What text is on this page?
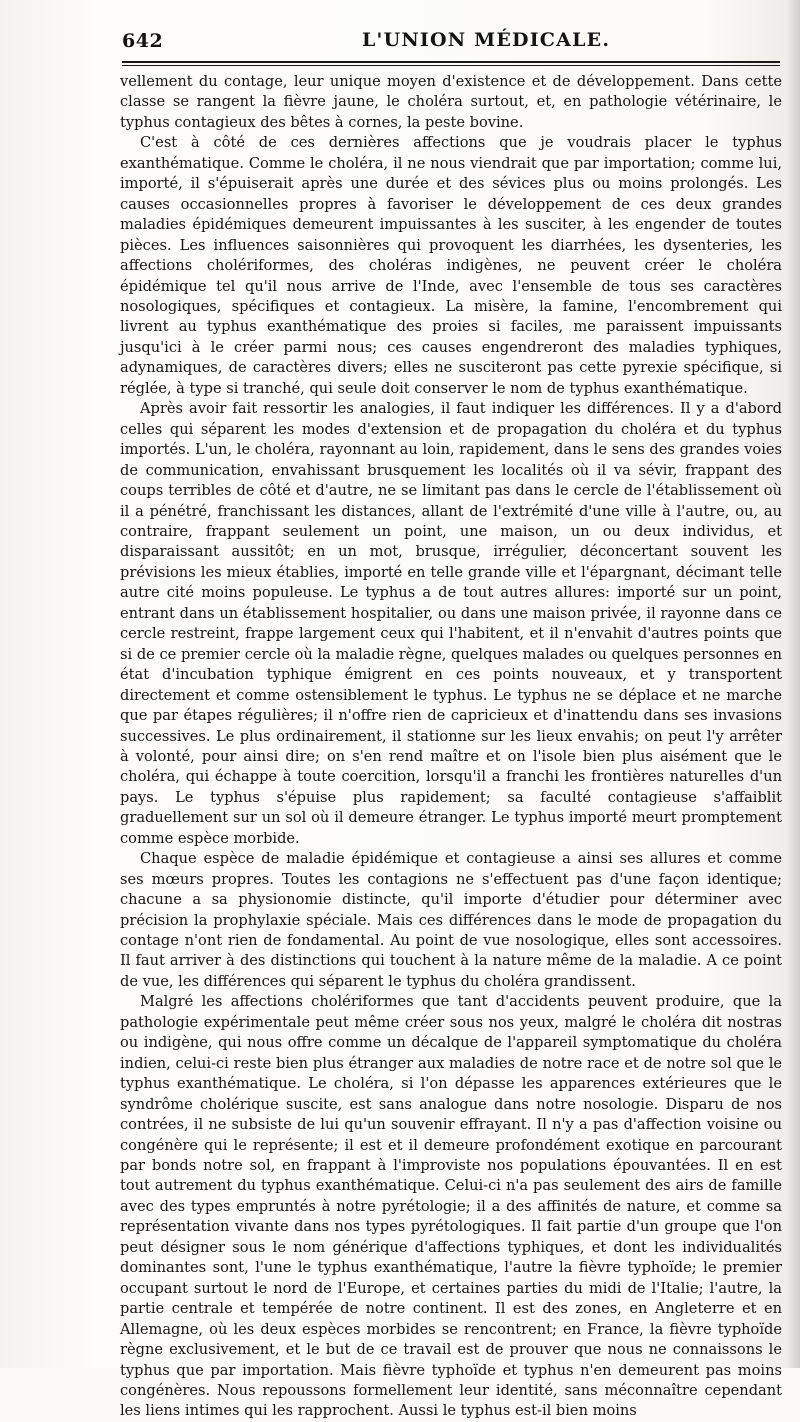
642	L'UNION MÉDICALE.

vellement du contage, leur unique moyen d'existence et de développement. Dans cette classe se rangent la fièvre jaune, le choléra surtout, et, en pathologie vétérinaire, le typhus contagieux des bêtes à cornes, la peste bovine.

C'est à côté de ces dernières affections que je voudrais placer le typhus exanthématique. Comme le choléra, il ne nous viendrait que par importation; comme lui, importé, il s'épuiserait après une durée et des sévices plus ou moins prolongés. Les causes occasionnelles propres à favoriser le développement de ces deux grandes maladies épidémiques demeurent impuissantes à les susciter, à les engender de toutes pièces. Les influences saisonnières qui provoquent les diarrhées, les dysenteries, les affections cholériformes, des choléras indigènes, ne peuvent créer le choléra épidémique tel qu'il nous arrive de l'Inde, avec l'ensemble de tous ses caractères nosologiques, spécifiques et contagieux. La misère, la famine, l'encombrement qui livrent au typhus exanthématique des proies si faciles, me paraissent impuissants jusqu'ici à le créer parmi nous; ces causes engendreront des maladies typhiques, adynamiques, de caractères divers; elles ne susciteront pas cette pyrexie spécifique, si réglée, à type si tranché, qui seule doit conserver le nom de typhus exanthématique.

Après avoir fait ressortir les analogies, il faut indiquer les différences. Il y a d'abord celles qui séparent les modes d'extension et de propagation du choléra et du typhus importés. L'un, le choléra, rayonnant au loin, rapidement, dans le sens des grandes voies de communication, envahissant brusquement les localités où il va sévir, frappant des coups terribles de côté et d'autre, ne se limitant pas dans le cercle de l'établissement où il a pénétré, franchissant les distances, allant de l'extrémité d'une ville à l'autre, ou, au contraire, frappant seulement un point, une maison, un ou deux individus, et disparaissant aussitôt; en un mot, brusque, irrégulier, déconcertant souvent les prévisions les mieux établies, importé en telle grande ville et l'épargnant, décimant telle autre cité moins populeuse. Le typhus a de tout autres allures: importé sur un point, entrant dans un établissement hospitalier, ou dans une maison privée, il rayonne dans ce cercle restreint, frappe largement ceux qui l'habitent, et il n'envahit d'autres points que si de ce premier cercle où la maladie règne, quelques malades ou quelques personnes en état d'incubation typhique émigrent en ces points nouveaux, et y transportent directement et comme ostensiblement le typhus. Le typhus ne se déplace et ne marche que par étapes régulières; il n'offre rien de capricieux et d'inattendu dans ses invasions successives. Le plus ordinairement, il stationne sur les lieux envahis; on peut l'y arrêter à volonté, pour ainsi dire; on s'en rend maître et on l'isole bien plus aisément que le choléra, qui échappe à toute coercition, lorsqu'il a franchi les frontières naturelles d'un pays. Le typhus s'épuise plus rapidement; sa faculté contagieuse s'affaiblit graduellement sur un sol où il demeure étranger. Le typhus importé meurt promptement comme espèce morbide.

Chaque espèce de maladie épidémique et contagieuse a ainsi ses allures et comme ses mœurs propres. Toutes les contagions ne s'effectuent pas d'une façon identique; chacune a sa physionomie distincte, qu'il importe d'étudier pour déterminer avec précision la prophylaxie spéciale. Mais ces différences dans le mode de propagation du contage n'ont rien de fondamental. Au point de vue nosologique, elles sont accessoires. Il faut arriver à des distinctions qui touchent à la nature même de la maladie. A ce point de vue, les différences qui séparent le typhus du choléra grandissent.

Malgré les affections cholériformes que tant d'accidents peuvent produire, que la pathologie expérimentale peut même créer sous nos yeux, malgré le choléra dit nostras ou indigène, qui nous offre comme un décalque de l'appareil symptomatique du choléra indien, celui-ci reste bien plus étranger aux maladies de notre race et de notre sol que le typhus exanthématique. Le choléra, si l'on dépasse les apparences extérieures que le syndrôme cholérique suscite, est sans analogue dans notre nosologie. Disparu de nos contrées, il ne subsiste de lui qu'un souvenir effrayant. Il n'y a pas d'affection voisine ou congénère qui le représente; il est et il demeure profondément exotique en parcourant par bonds notre sol, en frappant à l'improviste nos populations épouvantées. Il en est tout autrement du typhus exanthématique. Celui-ci n'a pas seulement des airs de famille avec des types empruntés à notre pyrétologie; il a des affinités de nature, et comme sa représentation vivante dans nos types pyrétologiques. Il fait partie d'un groupe que l'on peut désigner sous le nom générique d'affections typhiques, et dont les individualités dominantes sont, l'une le typhus exanthématique, l'autre la fièvre typhoïde; le premier occupant surtout le nord de l'Europe, et certaines parties du midi de l'Italie; l'autre, la partie centrale et tempérée de notre continent. Il est des zones, en Angleterre et en Allemagne, où les deux espèces morbides se rencontrent; en France, la fièvre typhoïde règne exclusivement, et le but de ce travail est de prouver que nous ne connaissons le typhus que par importation. Mais fièvre typhoïde et typhus n'en demeurent pas moins congénères. Nous repoussons formellement leur identité, sans méconnaître cependant les liens intimes qui les rapprochent. Aussi le typhus est-il bien moins
